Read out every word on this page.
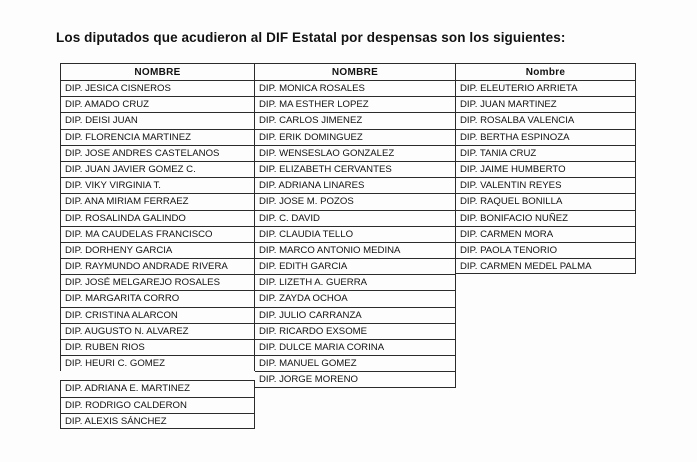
Los diputados que acudieron al DIF Estatal por despensas son los siguientes:
NOMBRE
DIP. JESICA CISNEROS
DIP. AMADO CRUZ
DIP. DEISI JUAN
DIP. FLORENCIA MARTINEZ
DIP. JOSE ANDRES CASTELANOS
DIP. JUAN JAVIER GOMEZ C.
DIP. VIKY VIRGINIA T.
DIP. ANA MIRIAM FERRAEZ
DIP. ROSALINDA GALINDO
DIP. MA CAUDELAS FRANCISCO
DIP. DORHENY GARCIA
DIP. RAYMUNDO ANDRADE RIVERA
DIP. JOSÉ MELGAREJO ROSALES
DIP. MARGARITA CORRO
DIP. CRISTINA ALARCON
DIP. AUGUSTO N. ALVAREZ
DIP. RUBEN RIOS
DIP. HEURI C. GOMEZ
DIP. ADRIANA E. MARTINEZ
DIP. RODRIGO CALDERON
DIP. ALEXIS SÁNCHEZ
NOMBRE
DIP. MONICA ROSALES
DIP. MA ESTHER LOPEZ
DIP. CARLOS JIMENEZ
DIP. ERIK DOMINGUEZ
DIP. WENSESLAO GONZALEZ
DIP. ELIZABETH CERVANTES
DIP. ADRIANA LINARES
DIP. JOSE M. POZOS
DIP. C. DAVID
DIP. CLAUDIA TELLO
DIP. MARCO ANTONIO MEDINA
DIP. EDITH GARCIA
DIP. LIZETH A. GUERRA
DIP. ZAYDA OCHOA
DIP. JULIO CARRANZA
DIP. RICARDO EXSOME
DIP. DULCE MARIA CORINA
DIP. MANUEL GOMEZ
DIP. JORGE MORENO
Nombre
DIP. ELEUTERIO ARRIETA
DIP. JUAN MARTINEZ
DIP. ROSALBA VALENCIA
DIP. BERTHA ESPINOZA
DIP. TANIA CRUZ
DIP. JAIME HUMBERTO
DIP. VALENTIN REYES
DIP. RAQUEL BONILLA
DIP. BONIFACIO NUÑEZ
DIP. CARMEN MORA
DIP. PAOLA TENORIO
DIP. CARMEN MEDEL PALMA
